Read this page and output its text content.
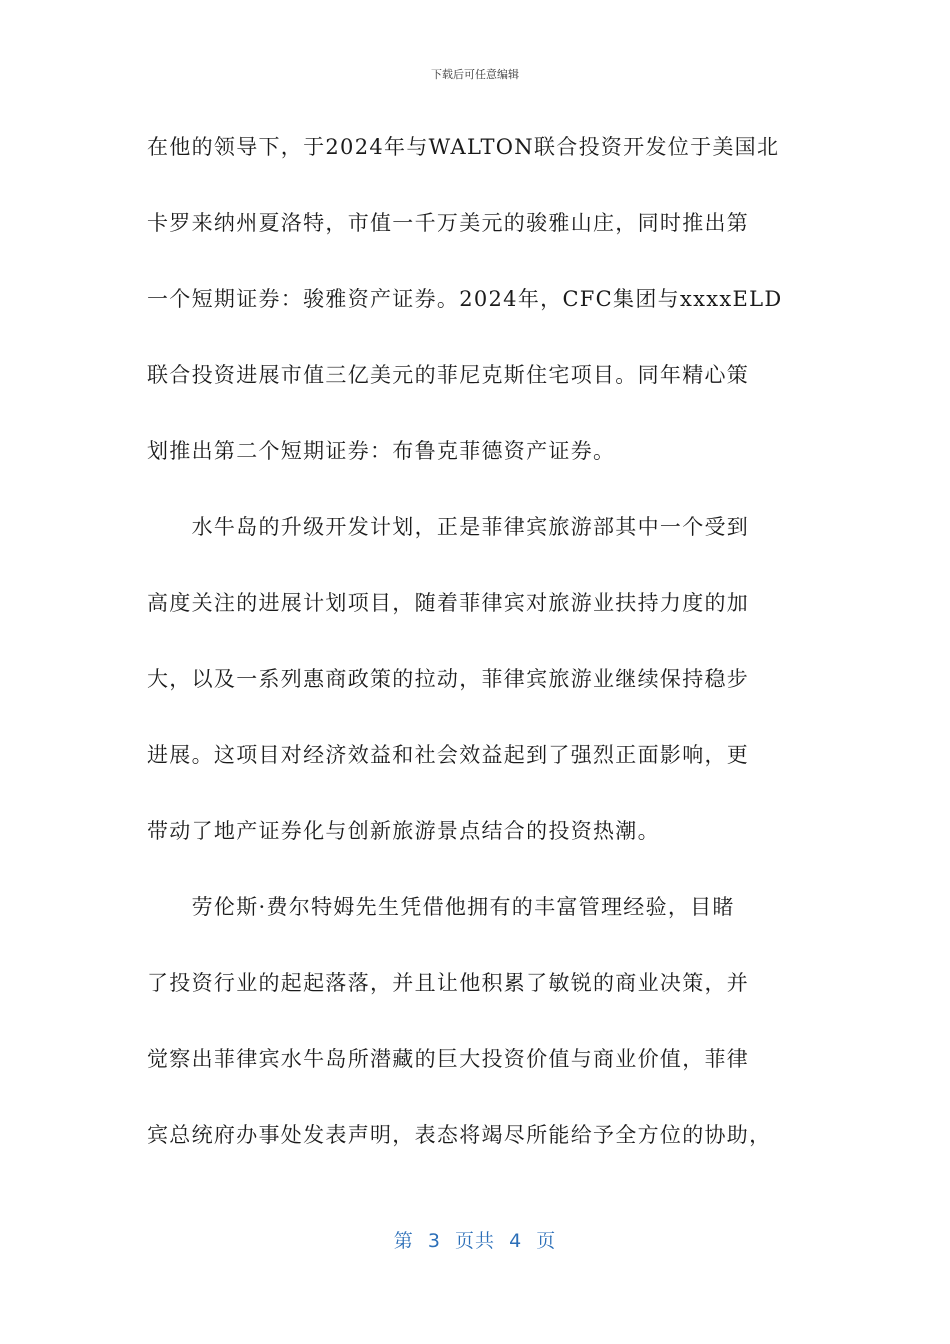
下载后可任意编辑
在他的领导下，于2024年与WALTON联合投资开发位于美国北
卡罗来纳州夏洛特，市值一千万美元的骏雅山庄，同时推出第
一个短期证券：骏雅资产证券。2024年，CFC集团与xxxxELD
联合投资进展市值三亿美元的菲尼克斯住宅项目。同年精心策
划推出第二个短期证券：布鲁克菲德资产证券。
　　水牛岛的升级开发计划，正是菲律宾旅游部其中一个受到
高度关注的进展计划项目，随着菲律宾对旅游业扶持力度的加
大，以及一系列惠商政策的拉动，菲律宾旅游业继续保持稳步
进展。这项目对经济效益和社会效益起到了强烈正面影响，更
带动了地产证券化与创新旅游景点结合的投资热潮。
　　劳伦斯·费尔特姆先生凭借他拥有的丰富管理经验，目睹
了投资行业的起起落落，并且让他积累了敏锐的商业决策，并
觉察出菲律宾水牛岛所潜藏的巨大投资价值与商业价值，菲律
宾总统府办事处发表声明，表态将竭尽所能给予全方位的协助，
第  3  页共  4  页
